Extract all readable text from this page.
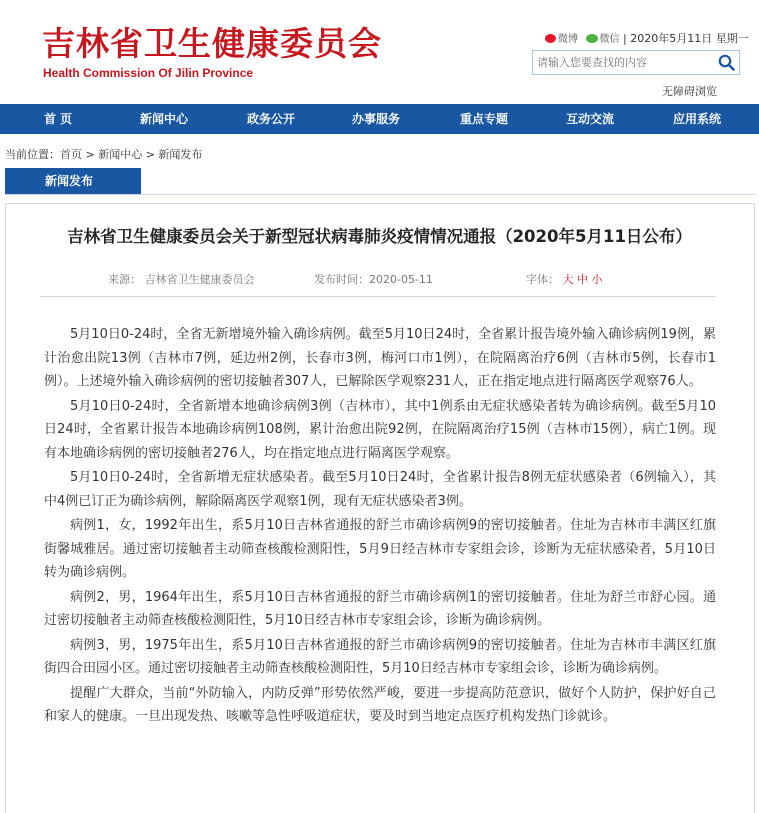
吉林省卫生健康委员会
Health Commission Of Jilin Province
微博 微信 | 2020年5月11日 星期一
请输入您要查找的内容
无障碍浏览
首 页	新闻中心	政务公开	办事服务	重点专题	互动交流	应用系统
当前位置：首页 > 新闻中心 > 新闻发布
新闻发布
吉林省卫生健康委员会关于新型冠状病毒肺炎疫情情况通报（2020年5月11日公布）
来源： 吉林省卫生健康委员会	发布时间：2020-05-11	字体： 大 中 小

5月10日0-24时，全省无新增境外输入确诊病例。截至5月10日24时，全省累计报告境外输入确诊病例19例，累计治愈出院13例（吉林市7例，延边州2例，长春市3例，梅河口市1例），在院隔离治疗6例（吉林市5例，长春市1例）。上述境外输入确诊病例的密切接触者307人，已解除医学观察231人，正在指定地点进行隔离医学观察76人。

5月10日0-24时，全省新增本地确诊病例3例（吉林市），其中1例系由无症状感染者转为确诊病例。截至5月10日24时，全省累计报告本地确诊病例108例，累计治愈出院92例，在院隔离治疗15例（吉林市15例），病亡1例。现有本地确诊病例的密切接触者276人，均在指定地点进行隔离医学观察。

5月10日0-24时，全省新增无症状感染者。截至5月10日24时，全省累计报告8例无症状感染者（6例输入），其中4例已订正为确诊病例，解除隔离医学观察1例，现有无症状感染者3例。

病例1，女，1992年出生，系5月10日吉林省通报的舒兰市确诊病例9的密切接触者。住址为吉林市丰满区红旗街馨城雅居。通过密切接触者主动筛查核酸检测阳性，5月9日经吉林市专家组会诊，诊断为无症状感染者，5月10日转为确诊病例。

病例2，男，1964年出生，系5月10日吉林省通报的舒兰市确诊病例1的密切接触者。住址为舒兰市舒心园。通过密切接触者主动筛查核酸检测阳性，5月10日经吉林市专家组会诊，诊断为确诊病例。

病例3，男，1975年出生，系5月10日吉林省通报的舒兰市确诊病例9的密切接触者。住址为吉林市丰满区红旗街四合田园小区。通过密切接触者主动筛查核酸检测阳性，5月10日经吉林市专家组会诊，诊断为确诊病例。

提醒广大群众，当前“外防输入，内防反弹”形势依然严峻，要进一步提高防范意识，做好个人防护，保护好自己和家人的健康。一旦出现发热、咳嗽等急性呼吸道症状，要及时到当地定点医疗机构发热门诊就诊。
